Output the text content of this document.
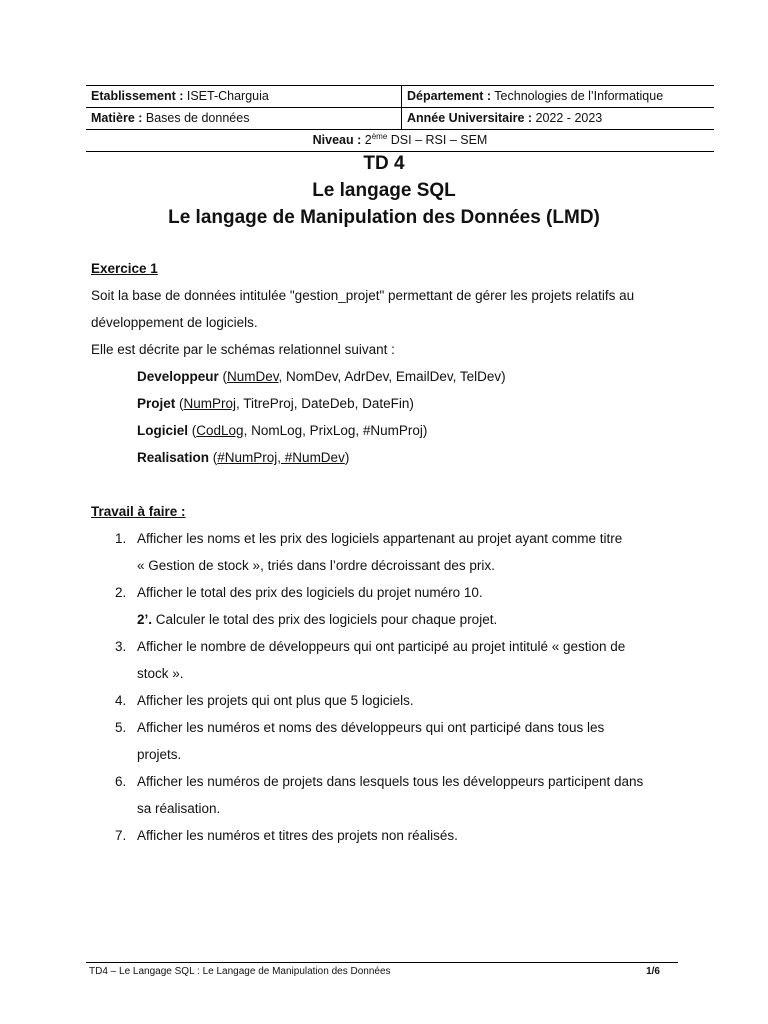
Etablissement : ISET-Charguia	Département : Technologies de l’Informatique
Matière : Bases de données	Année Universitaire : 2022 - 2023
Niveau : 2ème DSI – RSI – SEM
TD 4
Le langage SQL
Le langage de Manipulation des Données (LMD)
Exercice 1
Soit la base de données intitulée "gestion_projet" permettant de gérer les projets relatifs au
développement de logiciels.
Elle est décrite par le schémas relationnel suivant :
Developpeur (NumDev, NomDev, AdrDev, EmailDev, TelDev)
Projet (NumProj, TitreProj, DateDeb, DateFin)
Logiciel (CodLog, NomLog, PrixLog, #NumProj)
Realisation (#NumProj, #NumDev)
Travail à faire :
1. Afficher les noms et les prix des logiciels appartenant au projet ayant comme titre
« Gestion de stock », triés dans l’ordre décroissant des prix.
2. Afficher le total des prix des logiciels du projet numéro 10.
2’. Calculer le total des prix des logiciels pour chaque projet.
3. Afficher le nombre de développeurs qui ont participé au projet intitulé « gestion de
stock ».
4. Afficher les projets qui ont plus que 5 logiciels.
5. Afficher les numéros et noms des développeurs qui ont participé dans tous les
projets.
6. Afficher les numéros de projets dans lesquels tous les développeurs participent dans
sa réalisation.
7. Afficher les numéros et titres des projets non réalisés.
TD4 – Le Langage SQL : Le Langage de Manipulation des Données	1/6
